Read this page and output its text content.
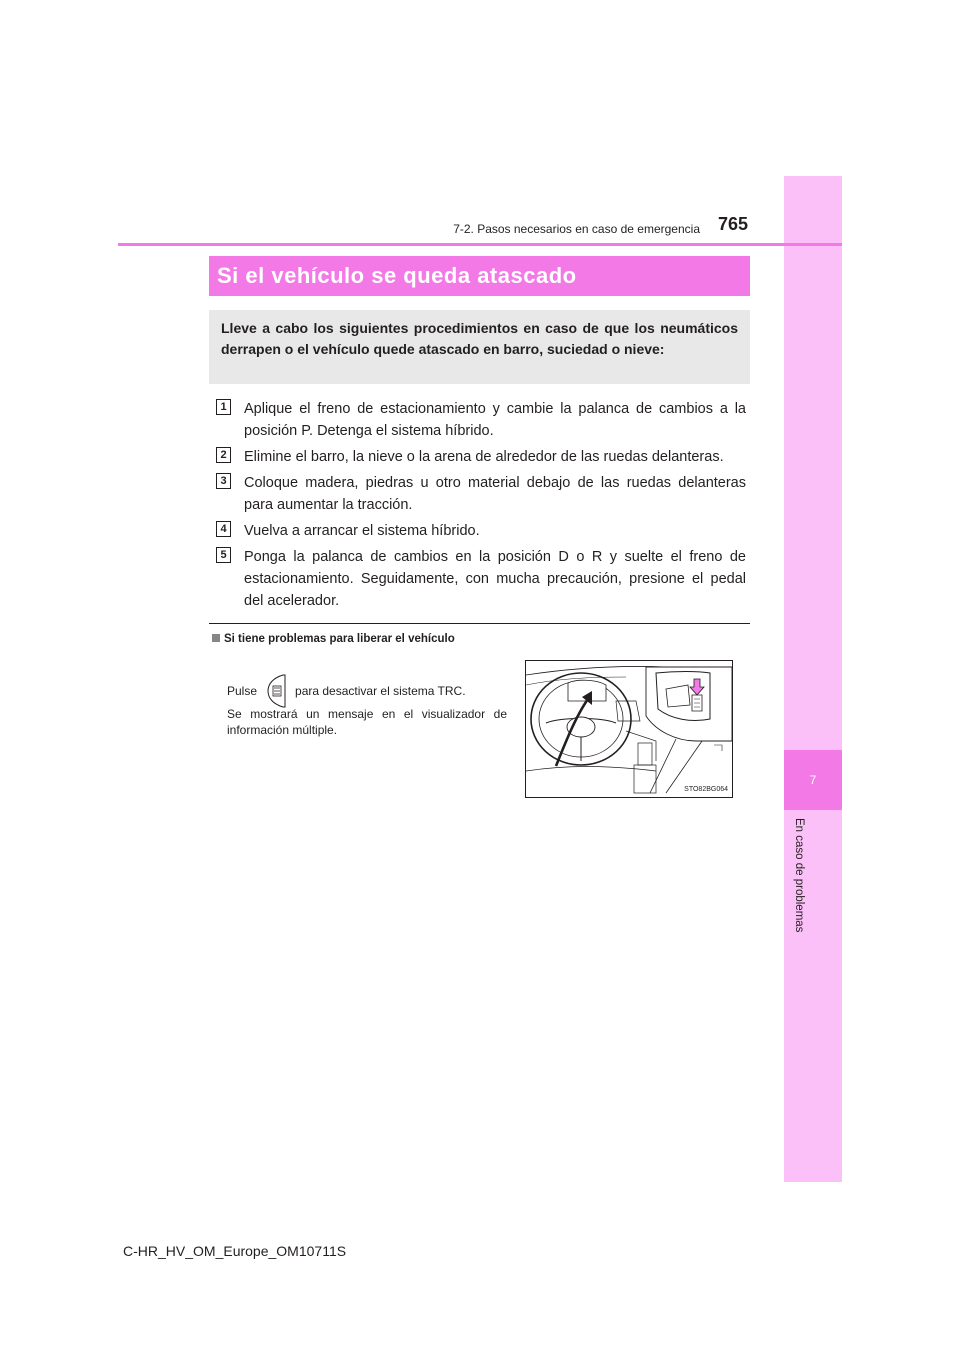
7
En caso de problemas
7-2. Pasos necesarios en caso de emergencia 765
Si el vehículo se queda atascado

Lleve a cabo los siguientes procedimientos en caso de que los neumáticos derrapen o el vehículo quede atascado en barro, suciedad o nieve:

1	Aplique el freno de estacionamiento y cambie la palanca de cambios a la posición P. Detenga el sistema híbrido.
2	Elimine el barro, la nieve o la arena de alrededor de las ruedas delanteras.
3	Coloque madera, piedras u otro material debajo de las ruedas delanteras para aumentar la tracción.
4	Vuelva a arrancar el sistema híbrido.
5	Ponga la palanca de cambios en la posición D o R y suelte el freno de estacionamiento. Seguidamente, con mucha precaución, presione el pedal del acelerador.
Si tiene problemas para liberar el vehículo
Pulse	para desactivar el sistema TRC.
Se mostrará un mensaje en el visualizador de información múltiple.
STO82BG064
C-HR_HV_OM_Europe_OM10711S
